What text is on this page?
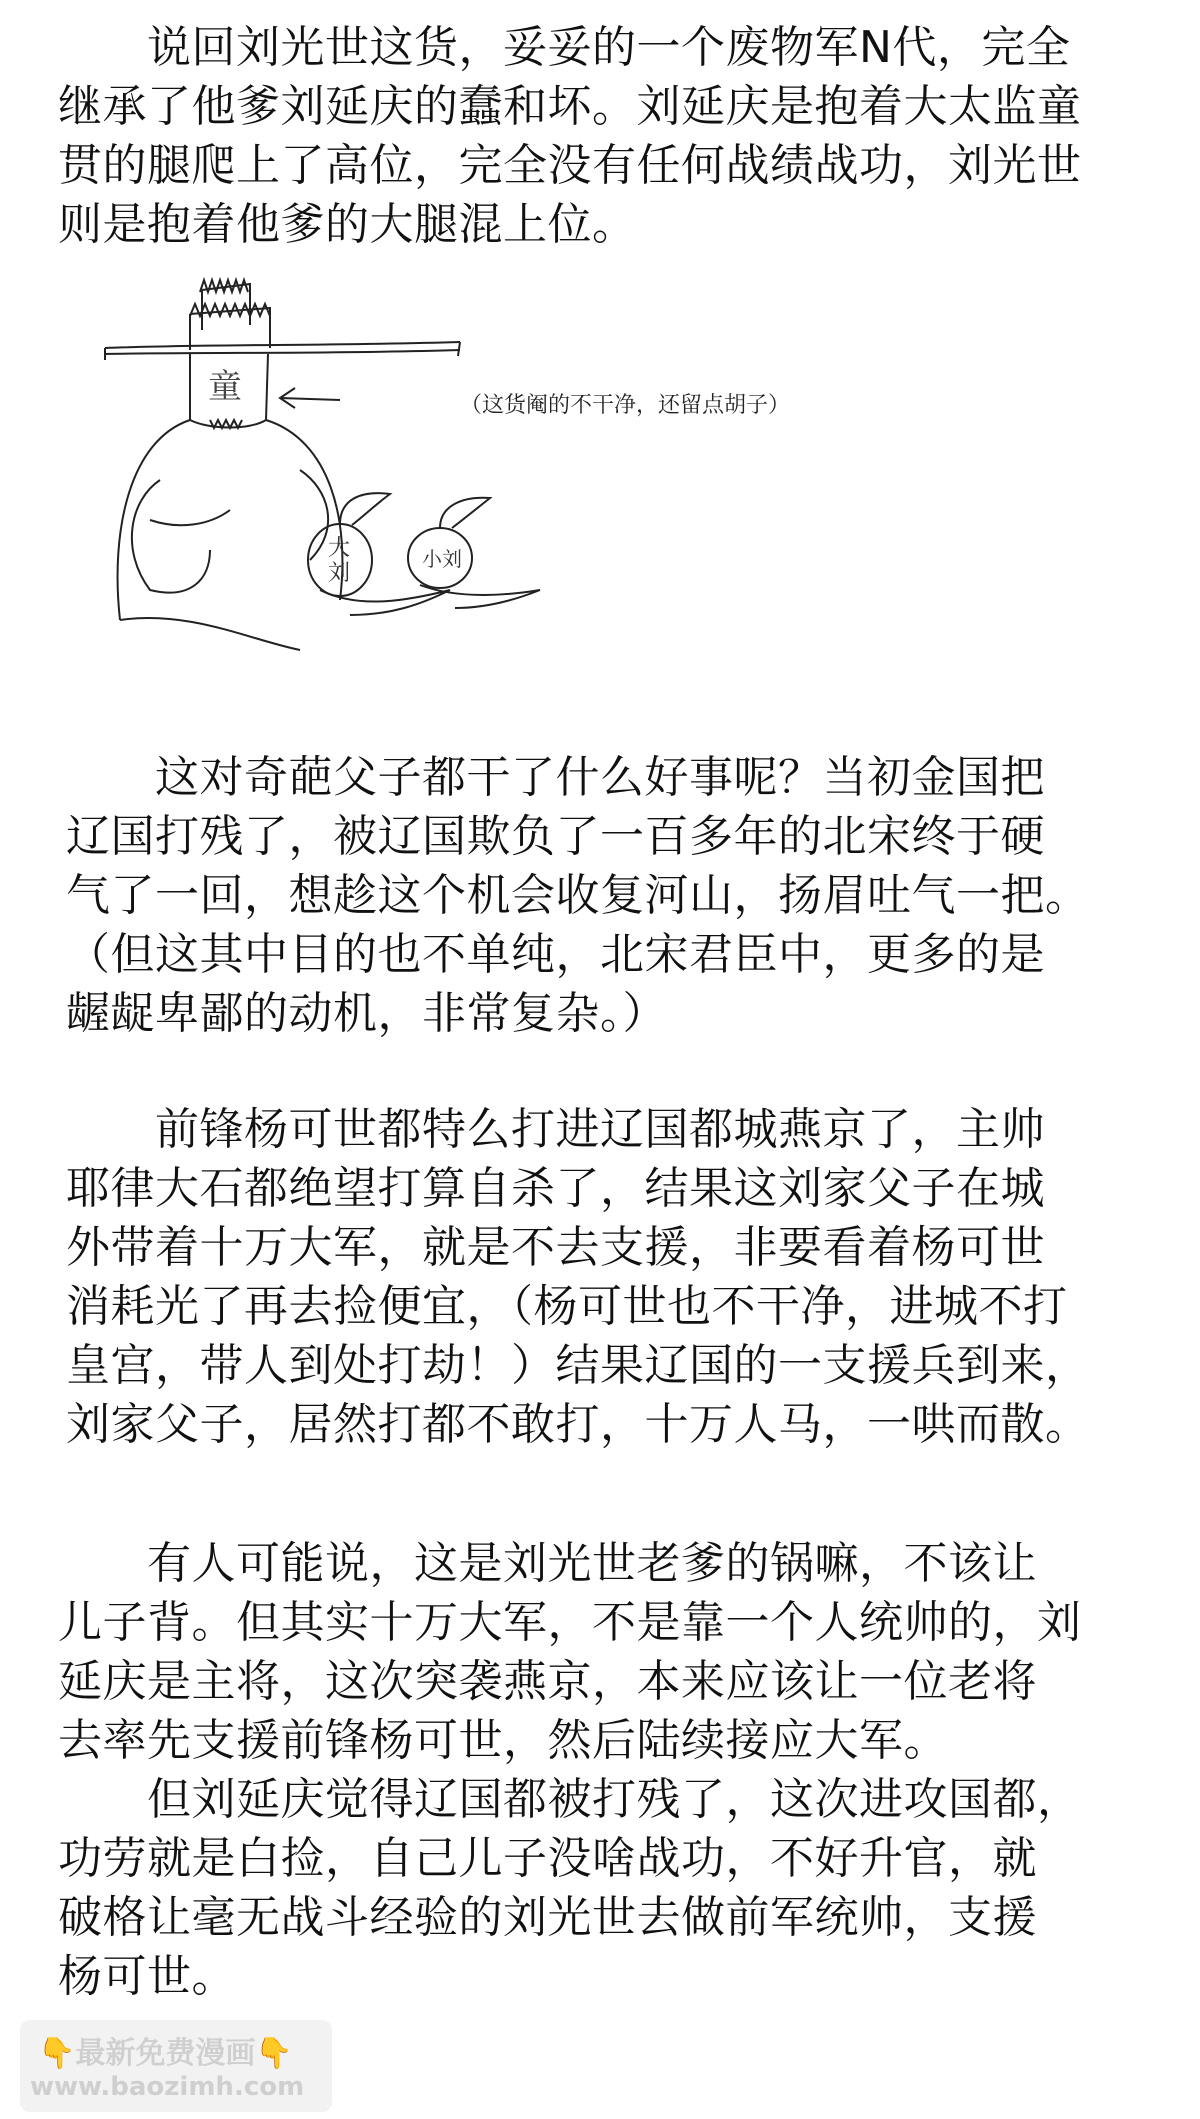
　　说回刘光世这货，妥妥的一个废物军N代，完全
继承了他爹刘延庆的蠢和坏。刘延庆是抱着大太监童
贯的腿爬上了高位，完全没有任何战绩战功，刘光世
则是抱着他爹的大腿混上位。

童
大
刘
小刘
（这货阉的不干净，还留点胡子）

　　这对奇葩父子都干了什么好事呢？当初金国把
辽国打残了，被辽国欺负了一百多年的北宋终于硬
气了一回，想趁这个机会收复河山，扬眉吐气一把。
（但这其中目的也不单纯，北宋君臣中，更多的是
龌龊卑鄙的动机，非常复杂。）

　　前锋杨可世都特么打进辽国都城燕京了，主帅
耶律大石都绝望打算自杀了，结果这刘家父子在城
外带着十万大军，就是不去支援，非要看着杨可世
消耗光了再去捡便宜，（杨可世也不干净，进城不打
皇宫，带人到处打劫！）结果辽国的一支援兵到来，
刘家父子，居然打都不敢打，十万人马，一哄而散。

　　有人可能说，这是刘光世老爹的锅嘛，不该让
儿子背。但其实十万大军，不是靠一个人统帅的，刘
延庆是主将，这次突袭燕京，本来应该让一位老将
去率先支援前锋杨可世，然后陆续接应大军。
　　但刘延庆觉得辽国都被打残了，这次进攻国都，
功劳就是白捡，自己儿子没啥战功，不好升官，就
破格让毫无战斗经验的刘光世去做前军统帅，支援
杨可世。

👇最新免费漫画👇
www.baozimh.com
